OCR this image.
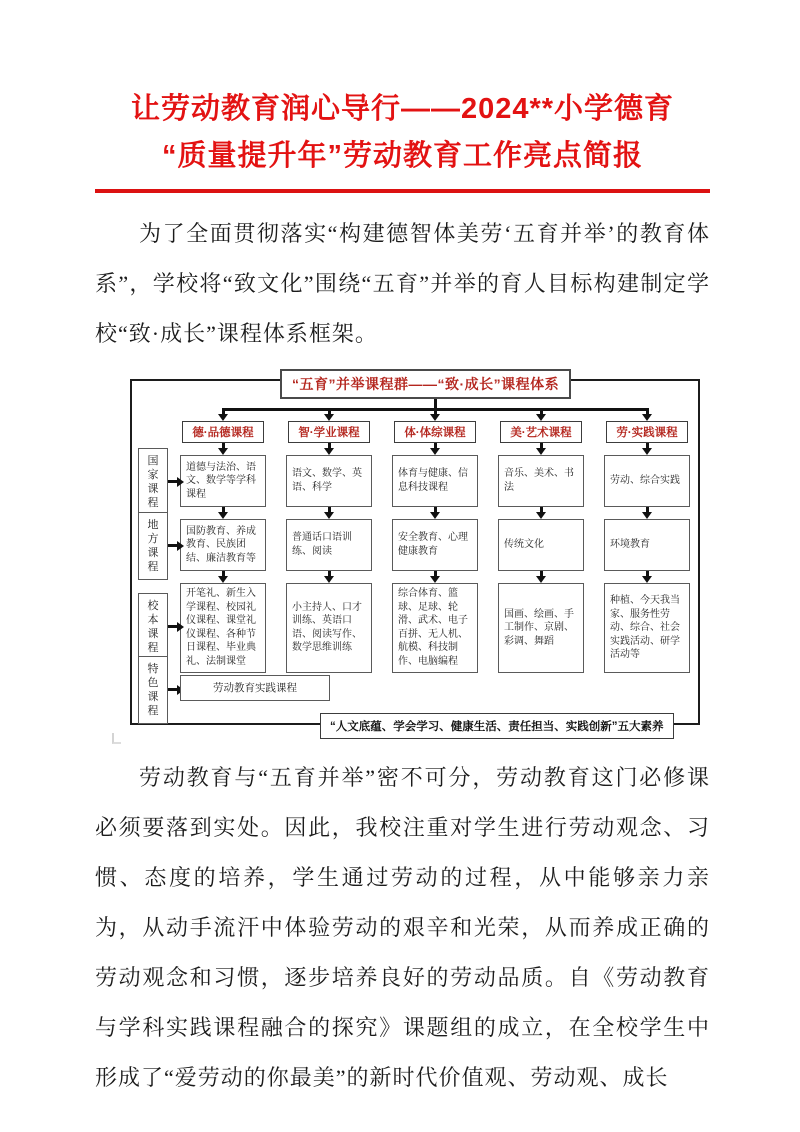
让劳动教育润心导行——2024**小学德育
“质量提升年”劳动教育工作亮点简报

为了全面贯彻落实“构建德智体美劳‘五育并举’的教育体系”，学校将“致文化”围绕“五育”并举的育人目标构建制定学校“致·成长”课程体系框架。

“五育”并举课程群——“致·成长”课程体系
德·品德课程
道德与法治、语文、数学等学科课程
国防教育、养成教育、民族团结、廉洁教育等
开笔礼、新生入学课程、校园礼仪课程、课堂礼仪课程、各种节日课程、毕业典礼、法制课堂
智·学业课程
语文、数学、英语、科学
普通话口语训练、阅读
小主持人、口才训练、英语口语、阅读写作、数学思维训练
体·体综课程
体育与健康、信息科技课程
安全教育、心理健康教育
综合体育、篮球、足球、轮滑、武术、电子百拼、无人机、航模、科技制作、电脑编程
美·艺术课程
音乐、美术、书法
传统文化
国画、绘画、手工制作、京剧、彩调、舞蹈
劳·实践课程
劳动、综合实践
环境教育
种植、今天我当家、服务性劳动、综合、社会实践活动、研学活动等
国家课程
地方课程
校本课程
特色课程
劳动教育实践课程
“人文底蕴、学会学习、健康生活、责任担当、实践创新”五大素养

劳动教育与“五育并举”密不可分，劳动教育这门必修课必须要落到实处。因此，我校注重对学生进行劳动观念、习惯、态度的培养，学生通过劳动的过程，从中能够亲力亲为，从动手流汗中体验劳动的艰辛和光荣，从而养成正确的劳动观念和习惯，逐步培养良好的劳动品质。自《劳动教育与学科实践课程融合的探究》课题组的成立，在全校学生中形成了“爱劳动的你最美”的新时代价值观、劳动观、成长
